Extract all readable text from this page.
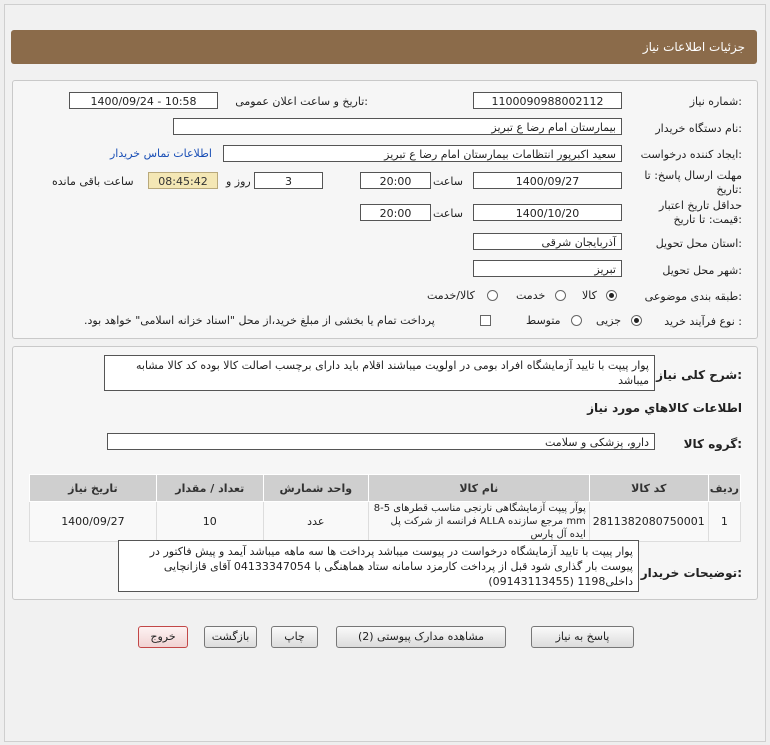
جزئیات اطلاعات نیاز
شماره نیاز:
1100090988002112
تاریخ و ساعت اعلان عمومی:
1400/09/24 - 10:58
نام دستگاه خریدار:
بیمارستان امام رضا ع تبریز
ایجاد کننده درخواست:
سعید اکبرپور انتظامات بیمارستان امام رضا ع تبریز
اطلاعات تماس خریدار
مهلت ارسال پاسخ: تا
تاریخ:
1400/09/27
ساعت
20:00
3
روز و
08:45:42
ساعت باقی مانده
حداقل تاریخ اعتبار
قیمت: تا تاریخ:
1400/10/20
ساعت
20:00
استان محل تحویل:
آذربایجان شرقی
شهر محل تحویل:
تبریز
طبقه بندی موضوعی:
کالا
خدمت
کالا/خدمت
نوع فرآیند خرید :
جزیی
متوسط
پرداخت تمام یا بخشی از مبلغ خرید،از محل "اسناد خزانه اسلامی" خواهد بود.
شرح کلی نیاز:
پوار پیپت با تایید آزمایشگاه افراد بومی در اولویت میباشند اقلام باید دارای برچسب اصالت کالا بوده کد کالا مشابه میباشد
اطلاعات کالاهاي مورد نیاز
گروه کالا:
دارو، پزشکی و سلامت
ردیف	کد کالا	نام کالا	واحد شمارش	تعداد / مقدار	تاریخ نیاز
1	2811382080750001	پوآر پیپت آزمایشگاهی نارنجی مناسب قطرهای 5-8 mm مرجع سازنده ALLA فرانسه از شرکت پل ایده آل پارس	عدد	10	1400/09/27
توضیحات خریدار:
پوار پیپت با تایید آزمایشگاه درخواست در پیوست میباشد پرداخت ها سه ماهه میباشد آیمد و پیش فاکتور در پیوست بار گذاری شود قبل از پرداخت کارمزد سامانه ستاد هماهنگی با 04133347054 آقای قازانچایی داخلی1198 (09143113455)
پاسخ به نیاز
مشاهده مدارک پیوستی (2)
چاپ
بازگشت
خروج
